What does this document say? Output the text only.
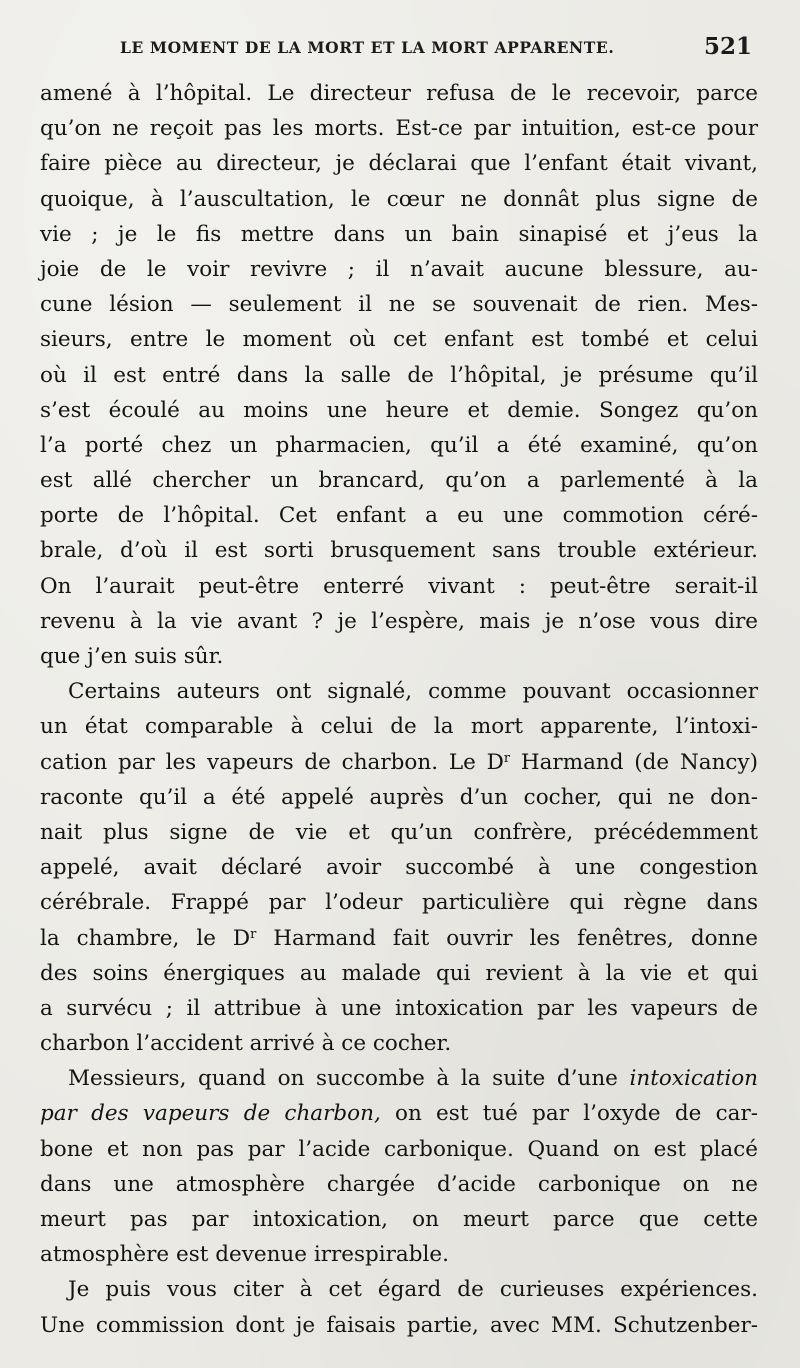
LE MOMENT DE LA MORT ET LA MORT APPARENTE.	521
amené à l’hôpital. Le directeur refusa de le recevoir, parce
qu’on ne reçoit pas les morts. Est-ce par intuition, est-ce pour
faire pièce au directeur, je déclarai que l’enfant était vivant,
quoique, à l’auscultation, le cœur ne donnât plus signe de
vie ; je le fis mettre dans un bain sinapisé et j’eus la
joie de le voir revivre ; il n’avait aucune blessure, au-
cune lésion — seulement il ne se souvenait de rien. Mes-
sieurs, entre le moment où cet enfant est tombé et celui
où il est entré dans la salle de l’hôpital, je présume qu’il
s’est écoulé au moins une heure et demie. Songez qu’on
l’a porté chez un pharmacien, qu’il a été examiné, qu’on
est allé chercher un brancard, qu’on a parlementé à la
porte de l’hôpital. Cet enfant a eu une commotion céré-
brale, d’où il est sorti brusquement sans trouble extérieur.
On l’aurait peut-être enterré vivant : peut-être serait-il
revenu à la vie avant ? je l’espère, mais je n’ose vous dire
que j’en suis sûr.
Certains auteurs ont signalé, comme pouvant occasionner
un état comparable à celui de la mort apparente, l’intoxi-
cation par les vapeurs de charbon. Le $D^r$ Harmand (de Nancy)
raconte qu’il a été appelé auprès d’un cocher, qui ne don-
nait plus signe de vie et qu’un confrère, précédemment
appelé, avait déclaré avoir succombé à une congestion
cérébrale. Frappé par l’odeur particulière qui règne dans
la chambre, le $D^r$ Harmand fait ouvrir les fenêtres, donne
des soins énergiques au malade qui revient à la vie et qui
a survécu ; il attribue à une intoxication par les vapeurs de
charbon l’accident arrivé à ce cocher.
Messieurs, quand on succombe à la suite d’une intoxication
par des vapeurs de charbon, on est tué par l’oxyde de car-
bone et non pas par l’acide carbonique. Quand on est placé
dans une atmosphère chargée d’acide carbonique on ne
meurt pas par intoxication, on meurt parce que cette
atmosphère est devenue irrespirable.
Je puis vous citer à cet égard de curieuses expériences.
Une commission dont je faisais partie, avec MM. Schutzenber-
